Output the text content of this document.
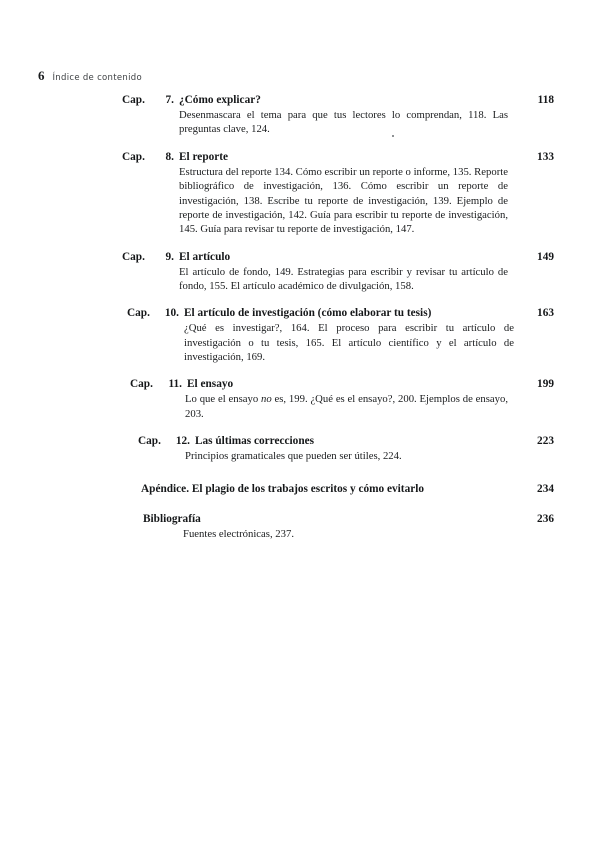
6 Índice de contenido
Cap.	7. ¿Cómo explicar?	118
Desenmascara el tema para que tus lectores lo comprendan, 118. Las preguntas clave, 124.
Cap.	8. El reporte	133
Estructura del reporte 134. Cómo escribir un reporte o informe, 135. Reporte bibliográfico de investigación, 136. Cómo escribir un reporte de investigación, 138. Escribe tu reporte de investigación, 139. Ejemplo de reporte de investigación, 142. Guía para escribir tu reporte de investigación, 145. Guía para revisar tu reporte de investigación, 147.
Cap.	9. El artículo	149
El artículo de fondo, 149. Estrategias para escribir y revisar tu artículo de fondo, 155. El artículo académico de divulgación, 158.
Cap.	10. El artículo de investigación (cómo elaborar tu tesis)	163
¿Qué es investigar?, 164. El proceso para escribir tu artículo de investigación o tu tesis, 165. El artículo científico y el artículo de investigación, 169.
Cap.	11. El ensayo	199
Lo que el ensayo no es, 199. ¿Qué es el ensayo?, 200. Ejemplos de ensayo, 203.
Cap.	12. Las últimas correcciones	223
Principios gramaticales que pueden ser útiles, 224.
Apéndice. El plagio de los trabajos escritos y cómo evitarlo	234
Bibliografía	236
Fuentes electrónicas, 237.
